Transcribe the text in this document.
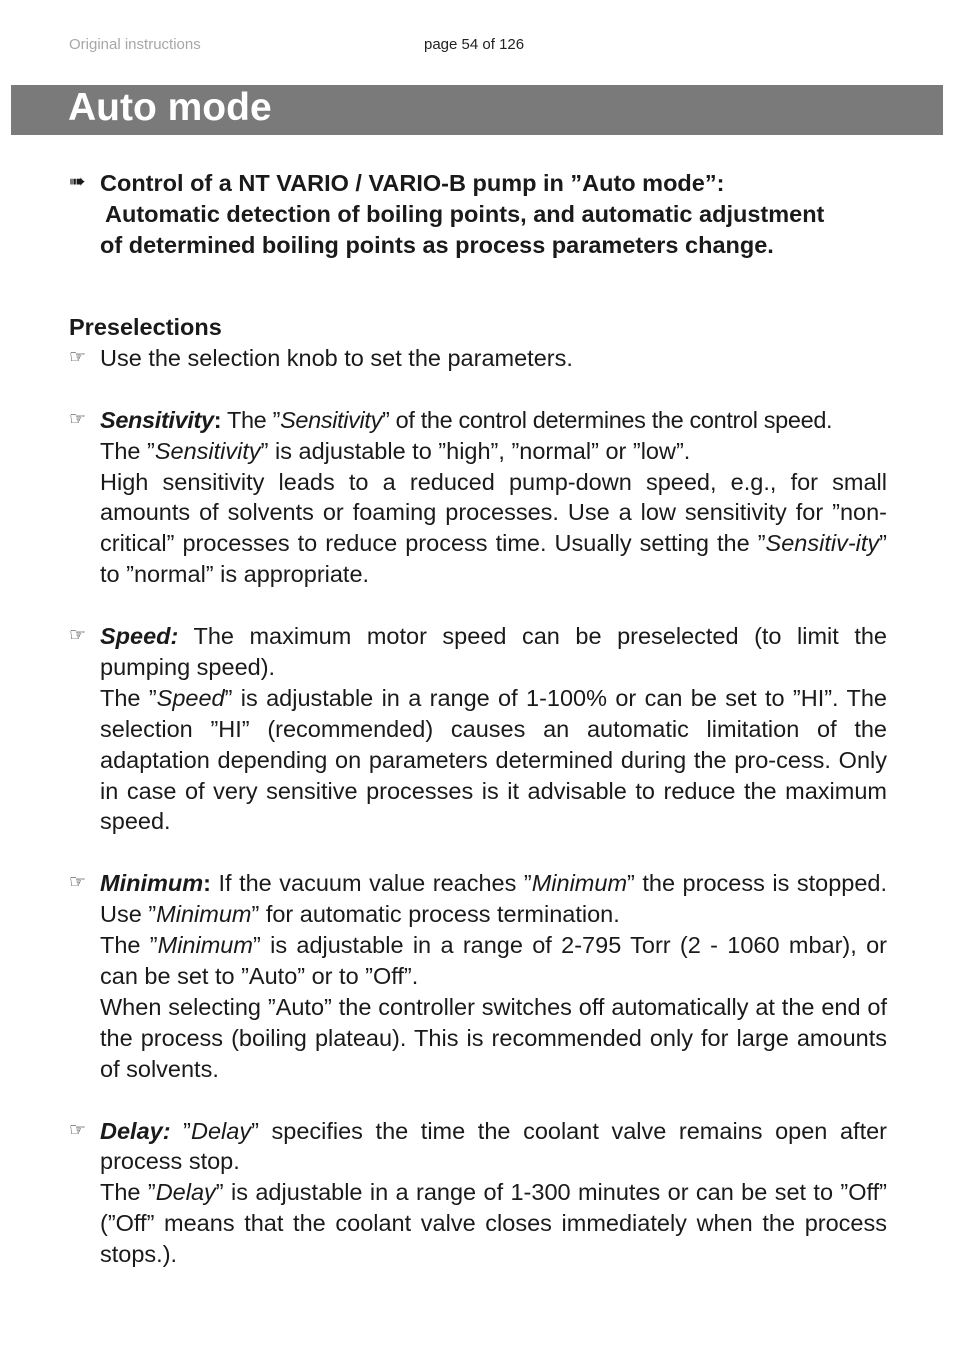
Original instructions	page 54 of 126
Auto mode
➠ Control of a NT VARIO / VARIO-B pump in ”Auto mode”:
Automatic detection of boiling points, and automatic adjustment
of determined boiling points as process parameters change.

Preselections

☞ Use the selection knob to set the parameters.

☞ Sensitivity: The ”Sensitivity” of the control determines the control speed.

The ”Sensitivity” is adjustable to ”high”, ”normal” or ”low”.

High sensitivity leads to a reduced pump-down speed, e.g., for small amounts of solvents or foaming processes. Use a low sensitivity for ”non-critical” processes to reduce process time. Usually setting the ”Sensitiv-ity” to ”normal” is appropriate.

☞ Speed: The maximum motor speed can be preselected (to limit the pumping speed).

The ”Speed” is adjustable in a range of 1-100% or can be set to ”HI”. The selection ”HI” (recommended) causes an automatic limitation of the adaptation depending on parameters determined during the pro-cess. Only in case of very sensitive processes is it advisable to reduce the maximum speed.

☞ Minimum: If the vacuum value reaches ”Minimum” the process is stopped. Use ”Minimum” for automatic process termination.

The ”Minimum” is adjustable in a range of 2-795 Torr (2 - 1060 mbar), or can be set to ”Auto” or to ”Off”.

When selecting ”Auto” the controller switches off automatically at the end of the process (boiling plateau). This is recommended only for large amounts of solvents.

☞ Delay: ”Delay” specifies the time the coolant valve remains open after process stop.

The ”Delay” is adjustable in a range of 1-300 minutes or can be set to ”Off” (”Off” means that the coolant valve closes immediately when the process stops.).
